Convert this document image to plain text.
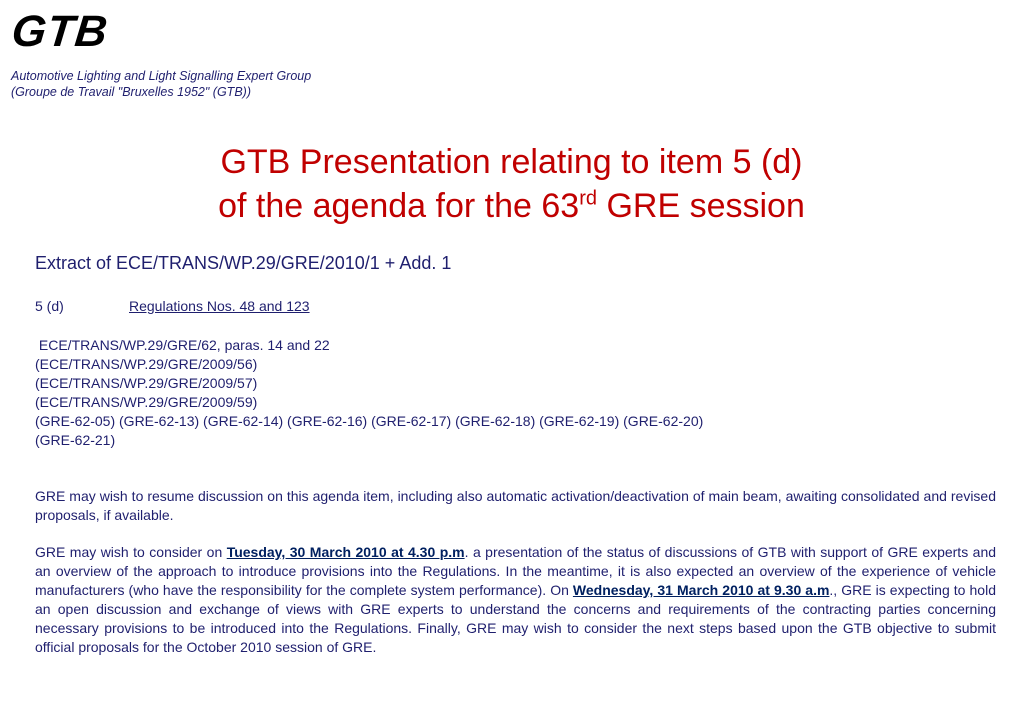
GTB
Automotive Lighting and Light Signalling Expert Group
(Groupe de Travail "Bruxelles 1952" (GTB))
GTB Presentation relating to item 5 (d)
of the agenda for the 63rd GRE session
Extract of ECE/TRANS/WP.29/GRE/2010/1 + Add. 1
5 (d)	Regulations Nos. 48 and 123
ECE/TRANS/WP.29/GRE/62, paras. 14 and 22
(ECE/TRANS/WP.29/GRE/2009/56)
(ECE/TRANS/WP.29/GRE/2009/57)
(ECE/TRANS/WP.29/GRE/2009/59)
(GRE-62-05) (GRE-62-13) (GRE-62-14) (GRE-62-16) (GRE-62-17) (GRE-62-18) (GRE-62-19) (GRE-62-20)
(GRE-62-21)
GRE may wish to resume discussion on this agenda item, including also automatic activation/deactivation of main beam, awaiting consolidated and revised proposals, if available.
GRE may wish to consider on Tuesday, 30 March 2010 at 4.30 p.m. a presentation of the status of discussions of GTB with support of GRE experts and an overview of the approach to introduce provisions into the Regulations. In the meantime, it is also expected an overview of the experience of vehicle manufacturers (who have the responsibility for the complete system performance). On Wednesday, 31 March 2010 at 9.30 a.m., GRE is expecting to hold an open discussion and exchange of views with GRE experts to understand the concerns and requirements of the contracting parties concerning necessary provisions to be introduced into the Regulations. Finally, GRE may wish to consider the next steps based upon the GTB objective to submit official proposals for the October 2010 session of GRE.
